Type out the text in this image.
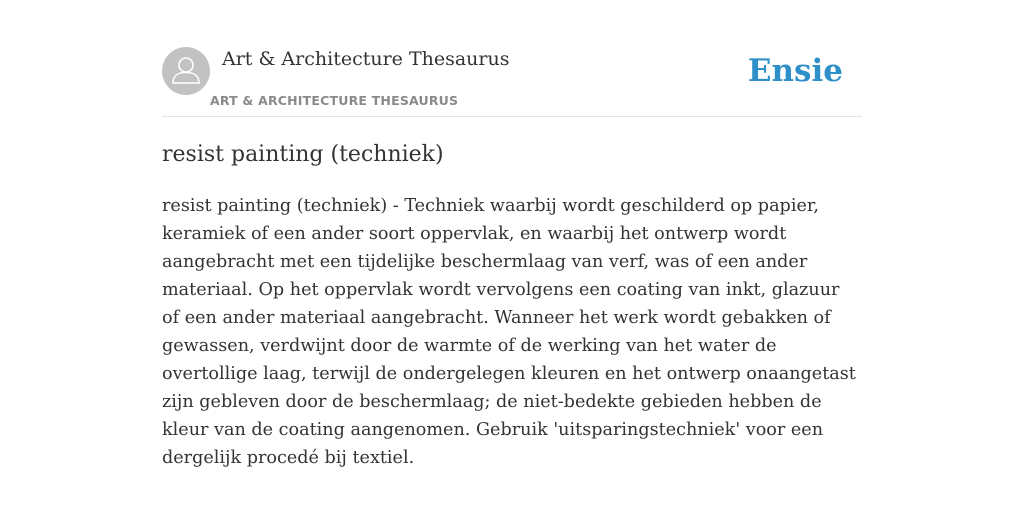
Art & Architecture Thesaurus
ART & ARCHITECTURE THESAURUS
Ensie
resist painting (techniek)

resist painting (techniek) - Techniek waarbij wordt geschilderd op papier, keramiek of een ander soort oppervlak, en waarbij het ontwerp wordt aangebracht met een tijdelijke beschermlaag van verf, was of een ander materiaal. Op het oppervlak wordt vervolgens een coating van inkt, glazuur of een ander materiaal aangebracht. Wanneer het werk wordt gebakken of gewassen, verdwijnt door de warmte of de werking van het water de overtollige laag, terwijl de ondergelegen kleuren en het ontwerp onaangetast zijn gebleven door de beschermlaag; de niet-bedekte gebieden hebben de kleur van de coating aangenomen. Gebruik 'uitsparingstechniek' voor een dergelijk procedé bij textiel.
